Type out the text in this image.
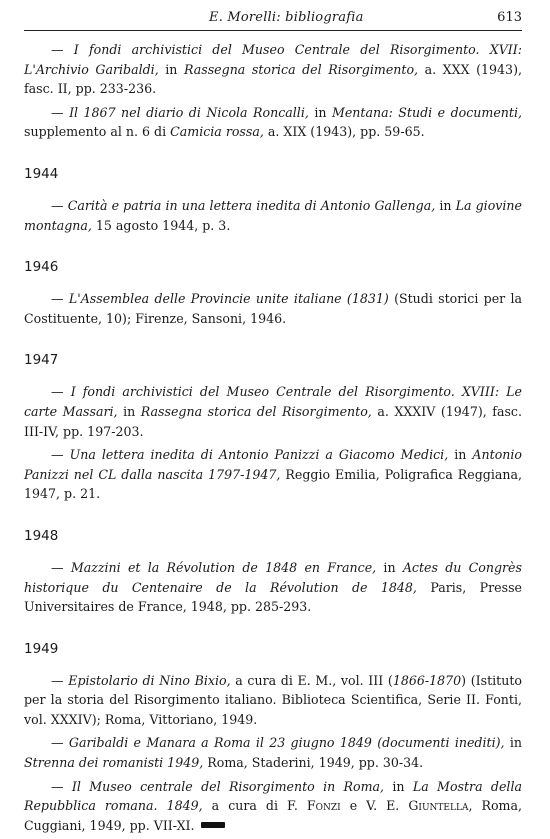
E. Morelli: bibliografia	613

— I fondi archivistici del Museo Centrale del Risorgimento. XVII: L'Archivio Garibaldi, in Rassegna storica del Risorgimento, a. XXX (1943), fasc. II, pp. 233-236.

— Il 1867 nel diario di Nicola Roncalli, in Mentana: Studi e documenti, supplemento al n. 6 di Camicia rossa, a. XIX (1943), pp. 59-65.

1944

— Carità e patria in una lettera inedita di Antonio Gallenga, in La giovine montagna, 15 agosto 1944, p. 3.

1946

— L'Assemblea delle Provincie unite italiane (1831) (Studi storici per la Costituente, 10); Firenze, Sansoni, 1946.

1947

— I fondi archivistici del Museo Centrale del Risorgimento. XVIII: Le carte Massari, in Rassegna storica del Risorgimento, a. XXXIV (1947), fasc. III-IV, pp. 197-203.

— Una lettera inedita di Antonio Panizzi a Giacomo Medici, in Antonio Panizzi nel CL dalla nascita 1797-1947, Reggio Emilia, Poligrafica Reggiana, 1947, p. 21.

1948

— Mazzini et la Révolution de 1848 en France, in Actes du Congrès historique du Centenaire de la Révolution de 1848, Paris, Presse Universitaires de France, 1948, pp. 285-293.

1949

— Epistolario di Nino Bixio, a cura di E. M., vol. III (1866-1870) (Istituto per la storia del Risorgimento italiano. Biblioteca Scientifica, Serie II. Fonti, vol. XXXIV); Roma, Vittoriano, 1949.

— Garibaldi e Manara a Roma il 23 giugno 1849 (documenti inediti), in Strenna dei romanisti 1949, Roma, Staderini, 1949, pp. 30-34.

— Il Museo centrale del Risorgimento in Roma, in La Mostra della Repubblica romana. 1849, a cura di F. Fonzi e V. E. Giuntella, Roma, Cuggiani, 1949, pp. VII-XI.
